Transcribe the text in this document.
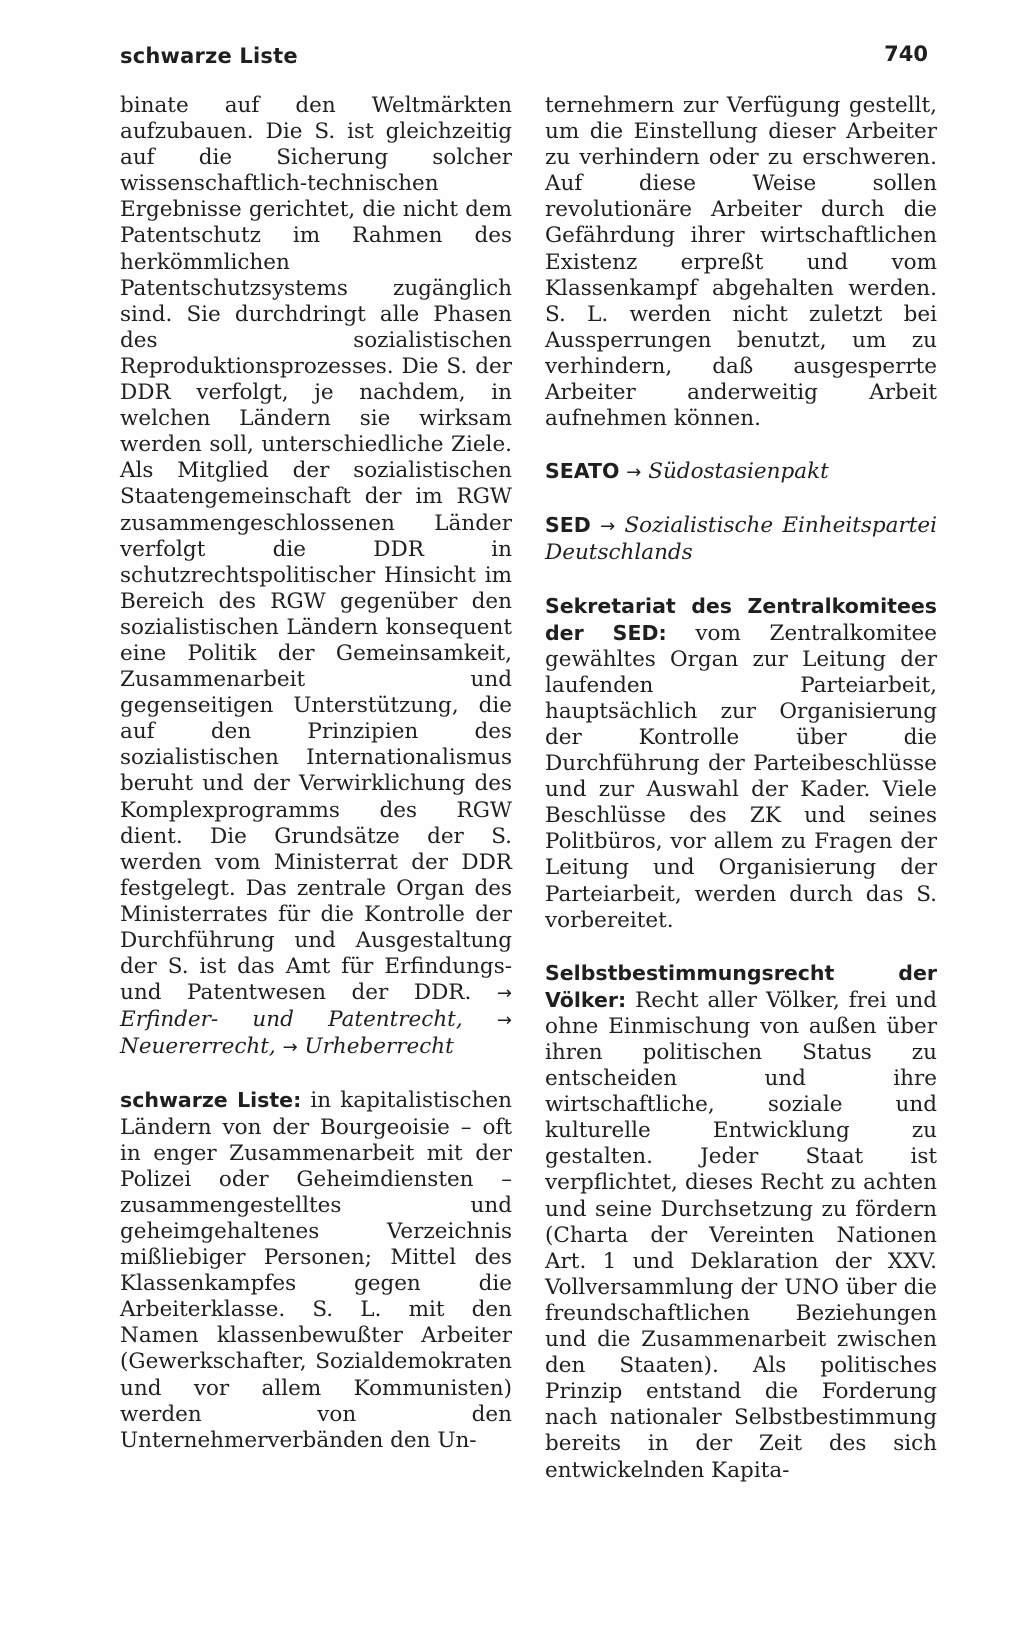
schwarze Liste	740

binate auf den Weltmärkten aufzubauen. Die S. ist gleichzeitig auf die Sicherung solcher wissenschaftlich-technischen Ergebnisse gerichtet, die nicht dem Patentschutz im Rahmen des herkömmlichen Patentschutzsystems zugänglich sind. Sie durchdringt alle Phasen des sozialistischen Reproduktionsprozesses. Die S. der DDR verfolgt, je nachdem, in welchen Ländern sie wirksam werden soll, unterschiedliche Ziele. Als Mitglied der sozialistischen Staatengemeinschaft der im RGW zusammengeschlossenen Länder verfolgt die DDR in schutzrechtspolitischer Hinsicht im Bereich des RGW gegenüber den sozialistischen Ländern konsequent eine Politik der Gemeinsamkeit, Zusammenarbeit und gegenseitigen Unterstützung, die auf den Prinzipien des sozialistischen Internationalismus beruht und der Verwirklichung des Komplexprogramms des RGW dient. Die Grundsätze der S. werden vom Ministerrat der DDR festgelegt. Das zentrale Organ des Ministerrates für die Kontrolle der Durchführung und Ausgestaltung der S. ist das Amt für Erfindungs- und Patentwesen der DDR. → Erfinder- und Patentrecht, → Neuererrecht, → Urheberrecht

schwarze Liste: in kapitalistischen Ländern von der Bourgeoisie – oft in enger Zusammenarbeit mit der Polizei oder Geheimdiensten – zusammengestelltes und geheimgehaltenes Verzeichnis mißliebiger Personen; Mittel des Klassenkampfes gegen die Arbeiterklasse. S. L. mit den Namen klassenbewußter Arbeiter (Gewerkschafter, Sozialdemokraten und vor allem Kommunisten) werden von den Unternehmerverbänden den Un-

ternehmern zur Verfügung gestellt, um die Einstellung dieser Arbeiter zu verhindern oder zu erschweren. Auf diese Weise sollen revolutionäre Arbeiter durch die Gefährdung ihrer wirtschaftlichen Existenz erpreßt und vom Klassenkampf abgehalten werden. S. L. werden nicht zuletzt bei Aussperrungen benutzt, um zu verhindern, daß ausgesperrte Arbeiter anderweitig Arbeit aufnehmen können.

SEATO → Südostasienpakt

SED → Sozialistische Einheitspartei Deutschlands

Sekretariat des Zentralkomitees der SED: vom Zentralkomitee gewähltes Organ zur Leitung der laufenden Parteiarbeit, hauptsächlich zur Organisierung der Kontrolle über die Durchführung der Parteibeschlüsse und zur Auswahl der Kader. Viele Beschlüsse des ZK und seines Politbüros, vor allem zu Fragen der Leitung und Organisierung der Parteiarbeit, werden durch das S. vorbereitet.

Selbstbestimmungsrecht der Völker: Recht aller Völker, frei und ohne Einmischung von außen über ihren politischen Status zu entscheiden und ihre wirtschaftliche, soziale und kulturelle Entwicklung zu gestalten. Jeder Staat ist verpflichtet, dieses Recht zu achten und seine Durchsetzung zu fördern (Charta der Vereinten Nationen Art. 1 und Deklaration der XXV. Vollversammlung der UNO über die freundschaftlichen Beziehungen und die Zusammenarbeit zwischen den Staaten). Als politisches Prinzip entstand die Forderung nach nationaler Selbstbestimmung bereits in der Zeit des sich entwickelnden Kapita-
